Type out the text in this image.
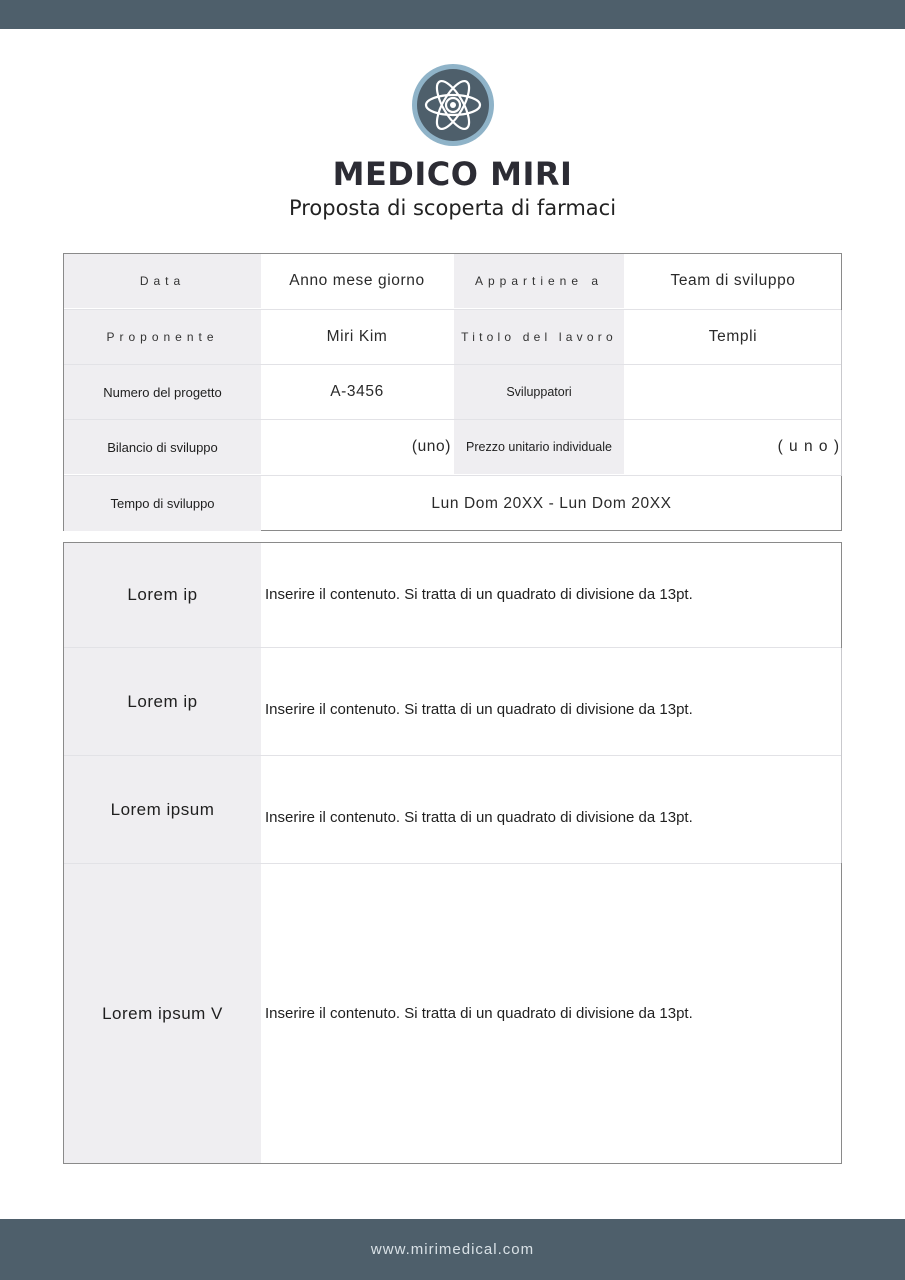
MEDICO MIRI
Proposta di scoperta di farmaci
Data	Anno mese giorno	Appartiene a	Team di sviluppo
Proponente	Miri Kim	Titolo del lavoro	Templi
Numero del progetto	A-3456	Sviluppatori
Bilancio di sviluppo	(uno)	Prezzo unitario individuale	( u n o )
Tempo di sviluppo	Lun Dom 20XX - Lun Dom 20XX
Lorem ip	Inserire il contenuto. Si tratta di un quadrato di divisione da 13pt.
Lorem ip	Inserire il contenuto. Si tratta di un quadrato di divisione da 13pt.
Lorem ipsum	Inserire il contenuto. Si tratta di un quadrato di divisione da 13pt.
Lorem ipsum V	Inserire il contenuto. Si tratta di un quadrato di divisione da 13pt.
www.mirimedical.com
